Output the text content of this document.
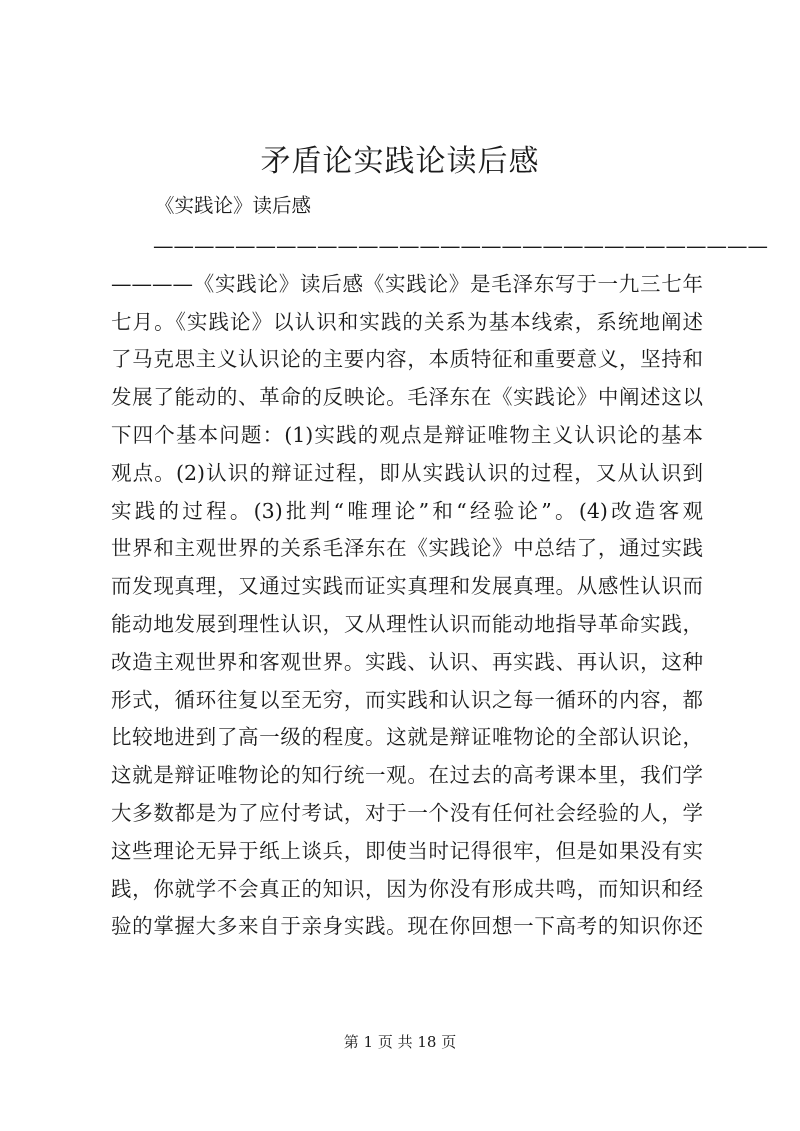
矛盾论实践论读后感
《实践论》读后感
——————————————————————————————
————《实践论》读后感《实践论》是毛泽东写于一九三七年
七月。《实践论》以认识和实践的关系为基本线索，系统地阐述
了马克思主义认识论的主要内容，本质特征和重要意义，坚持和
发展了能动的、革命的反映论。毛泽东在《实践论》中阐述这以
下四个基本问题：(1)实践的观点是辩证唯物主义认识论的基本
观点。(2)认识的辩证过程，即从实践认识的过程，又从认识到
实践的过程。(3)批判“唯理论”和“经验论”。(4)改造客观
世界和主观世界的关系毛泽东在《实践论》中总结了，通过实践
而发现真理，又通过实践而证实真理和发展真理。从感性认识而
能动地发展到理性认识，又从理性认识而能动地指导革命实践，
改造主观世界和客观世界。实践、认识、再实践、再认识，这种
形式，循环往复以至无穷，而实践和认识之每一循环的内容，都
比较地进到了高一级的程度。这就是辩证唯物论的全部认识论，
这就是辩证唯物论的知行统一观。在过去的高考课本里，我们学
大多数都是为了应付考试，对于一个没有任何社会经验的人，学
这些理论无异于纸上谈兵，即使当时记得很牢，但是如果没有实
践，你就学不会真正的知识，因为你没有形成共鸣，而知识和经
验的掌握大多来自于亲身实践。现在你回想一下高考的知识你还
第 1 页 共 18 页
